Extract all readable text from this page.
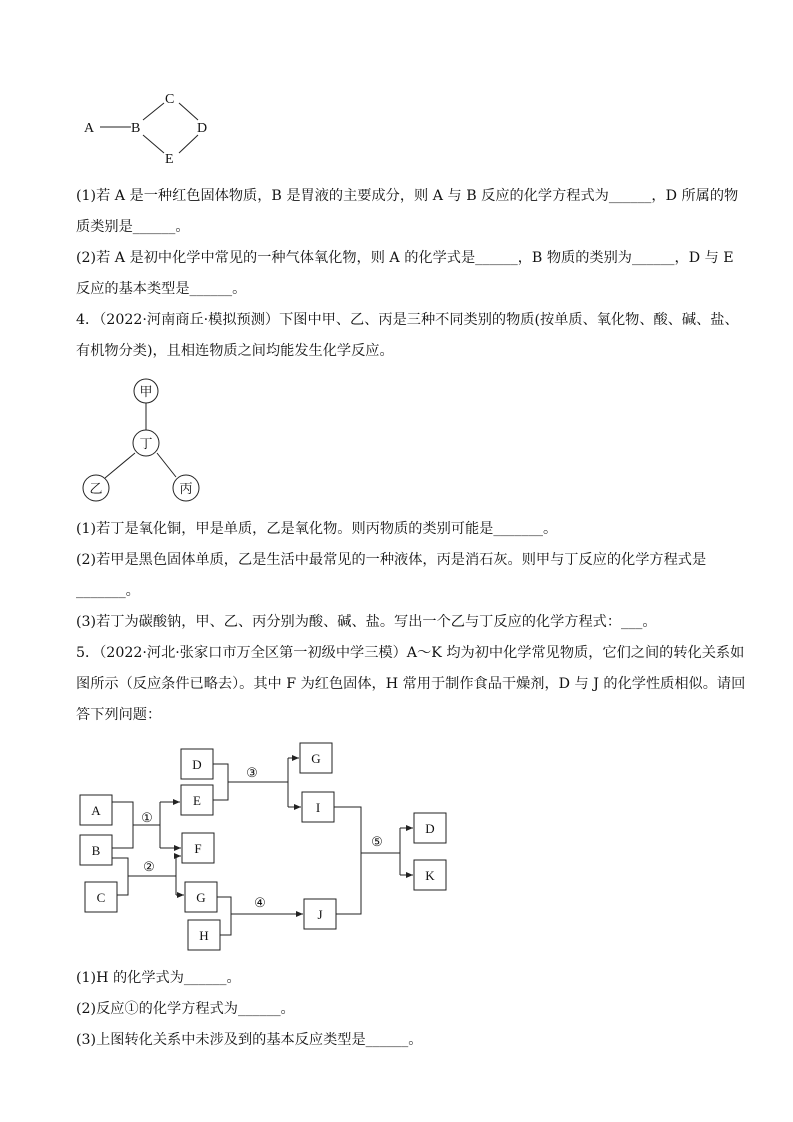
A	B
C
D
E
(1)若 A 是一种红色固体物质，B 是胃液的主要成分，则 A 与 B 反应的化学方程式为______，D 所属的物
质类别是______。
(2)若 A 是初中化学中常见的一种气体氧化物，则 A 的化学式是______，B 物质的类别为______，D 与 E
反应的基本类型是______。
4．（2022·河南商丘·模拟预测）下图中甲、乙、丙是三种不同类别的物质(按单质、氧化物、酸、碱、盐、
有机物分类)，且相连物质之间均能发生化学反应。
甲
丁
乙	丙
(1)若丁是氧化铜，甲是单质，乙是氧化物。则丙物质的类别可能是_______。
(2)若甲是黑色固体单质，乙是生活中最常见的一种液体，丙是消石灰。则甲与丁反应的化学方程式是
_______。
(3)若丁为碳酸钠，甲、乙、丙分别为酸、碱、盐。写出一个乙与丁反应的化学方程式：___。
5．（2022·河北·张家口市万全区第一初级中学三模）A～K 均为初中化学常见物质，它们之间的转化关系如
图所示（反应条件已略去）。其中 F 为红色固体，H 常用于制作食品干燥剂，D 与 J 的化学性质相似。请回
答下列问题：
A
B
C
D
E
F
G
H
G
I
J
D
K
①
②
③
④
⑤
(1)H 的化学式为______。
(2)反应①的化学方程式为______。
(3)上图转化关系中未涉及到的基本反应类型是______。
